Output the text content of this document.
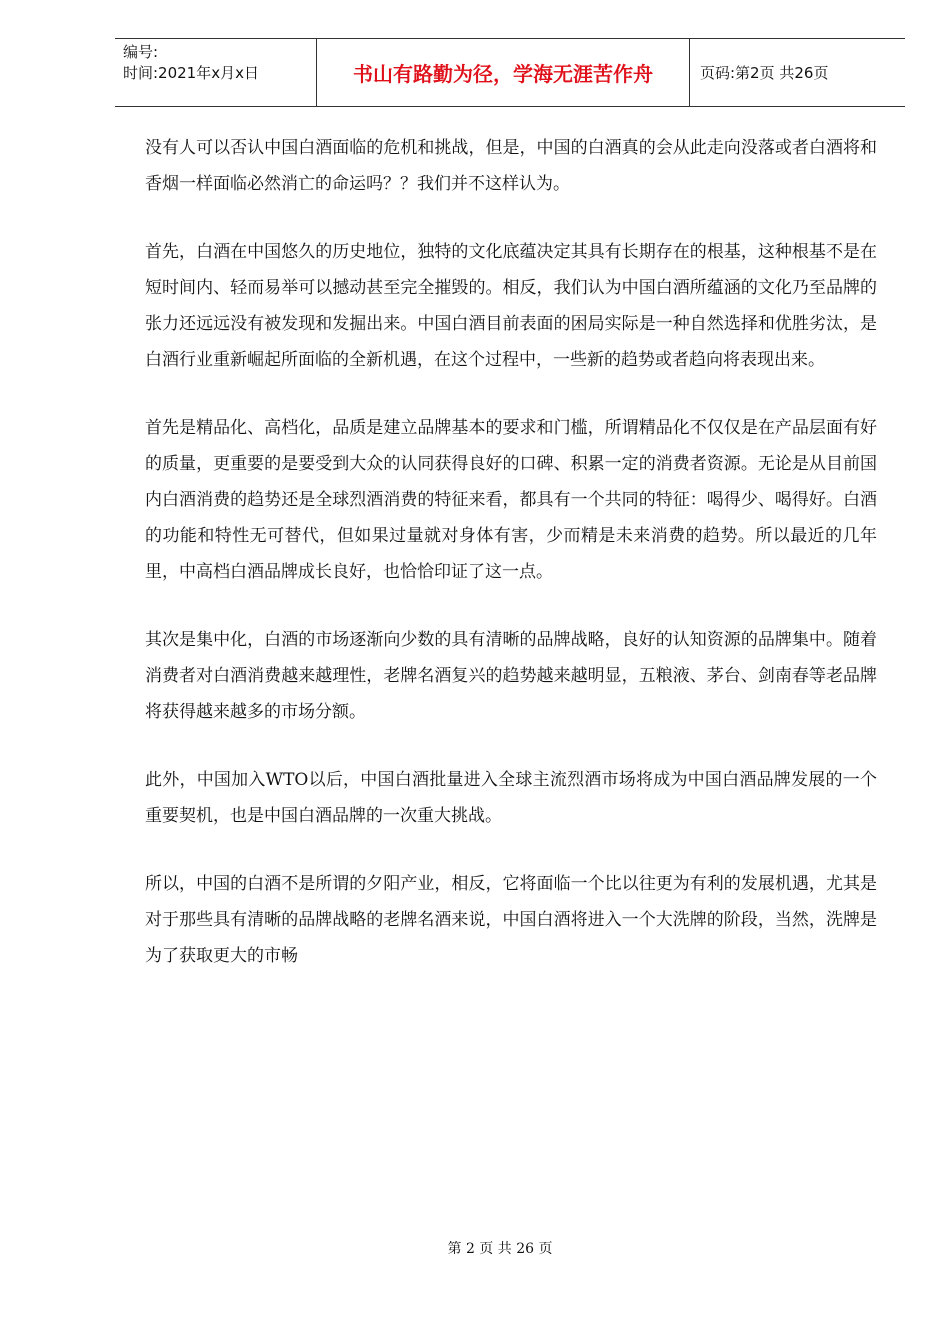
编号:
时间:2021年x月x日	书山有路勤为径，学海无涯苦作舟	页码:第2页 共26页

没有人可以否认中国白酒面临的危机和挑战，但是，中国的白酒真的会从此走向没落或者白酒将和香烟一样面临必然消亡的命运吗？？我们并不这样认为。

首先，白酒在中国悠久的历史地位，独特的文化底蕴决定其具有长期存在的根基，这种根基不是在短时间内、轻而易举可以撼动甚至完全摧毁的。相反，我们认为中国白酒所蕴涵的文化乃至品牌的张力还远远没有被发现和发掘出来。中国白酒目前表面的困局实际是一种自然选择和优胜劣汰，是白酒行业重新崛起所面临的全新机遇，在这个过程中，一些新的趋势或者趋向将表现出来。

首先是精品化、高档化，品质是建立品牌基本的要求和门槛，所谓精品化不仅仅是在产品层面有好的质量，更重要的是要受到大众的认同获得良好的口碑、积累一定的消费者资源。无论是从目前国内白酒消费的趋势还是全球烈酒消费的特征来看，都具有一个共同的特征：喝得少、喝得好。白酒的功能和特性无可替代，但如果过量就对身体有害，少而精是未来消费的趋势。所以最近的几年里，中高档白酒品牌成长良好，也恰恰印证了这一点。

其次是集中化，白酒的市场逐渐向少数的具有清晰的品牌战略，良好的认知资源的品牌集中。随着消费者对白酒消费越来越理性，老牌名酒复兴的趋势越来越明显，五粮液、茅台、剑南春等老品牌将获得越来越多的市场分额。

此外，中国加入WTO以后，中国白酒批量进入全球主流烈酒市场将成为中国白酒品牌发展的一个重要契机，也是中国白酒品牌的一次重大挑战。

所以，中国的白酒不是所谓的夕阳产业，相反，它将面临一个比以往更为有利的发展机遇，尤其是对于那些具有清晰的品牌战略的老牌名酒来说，中国白酒将进入一个大洗牌的阶段，当然，洗牌是为了获取更大的市畅

第 2 页 共 26 页
